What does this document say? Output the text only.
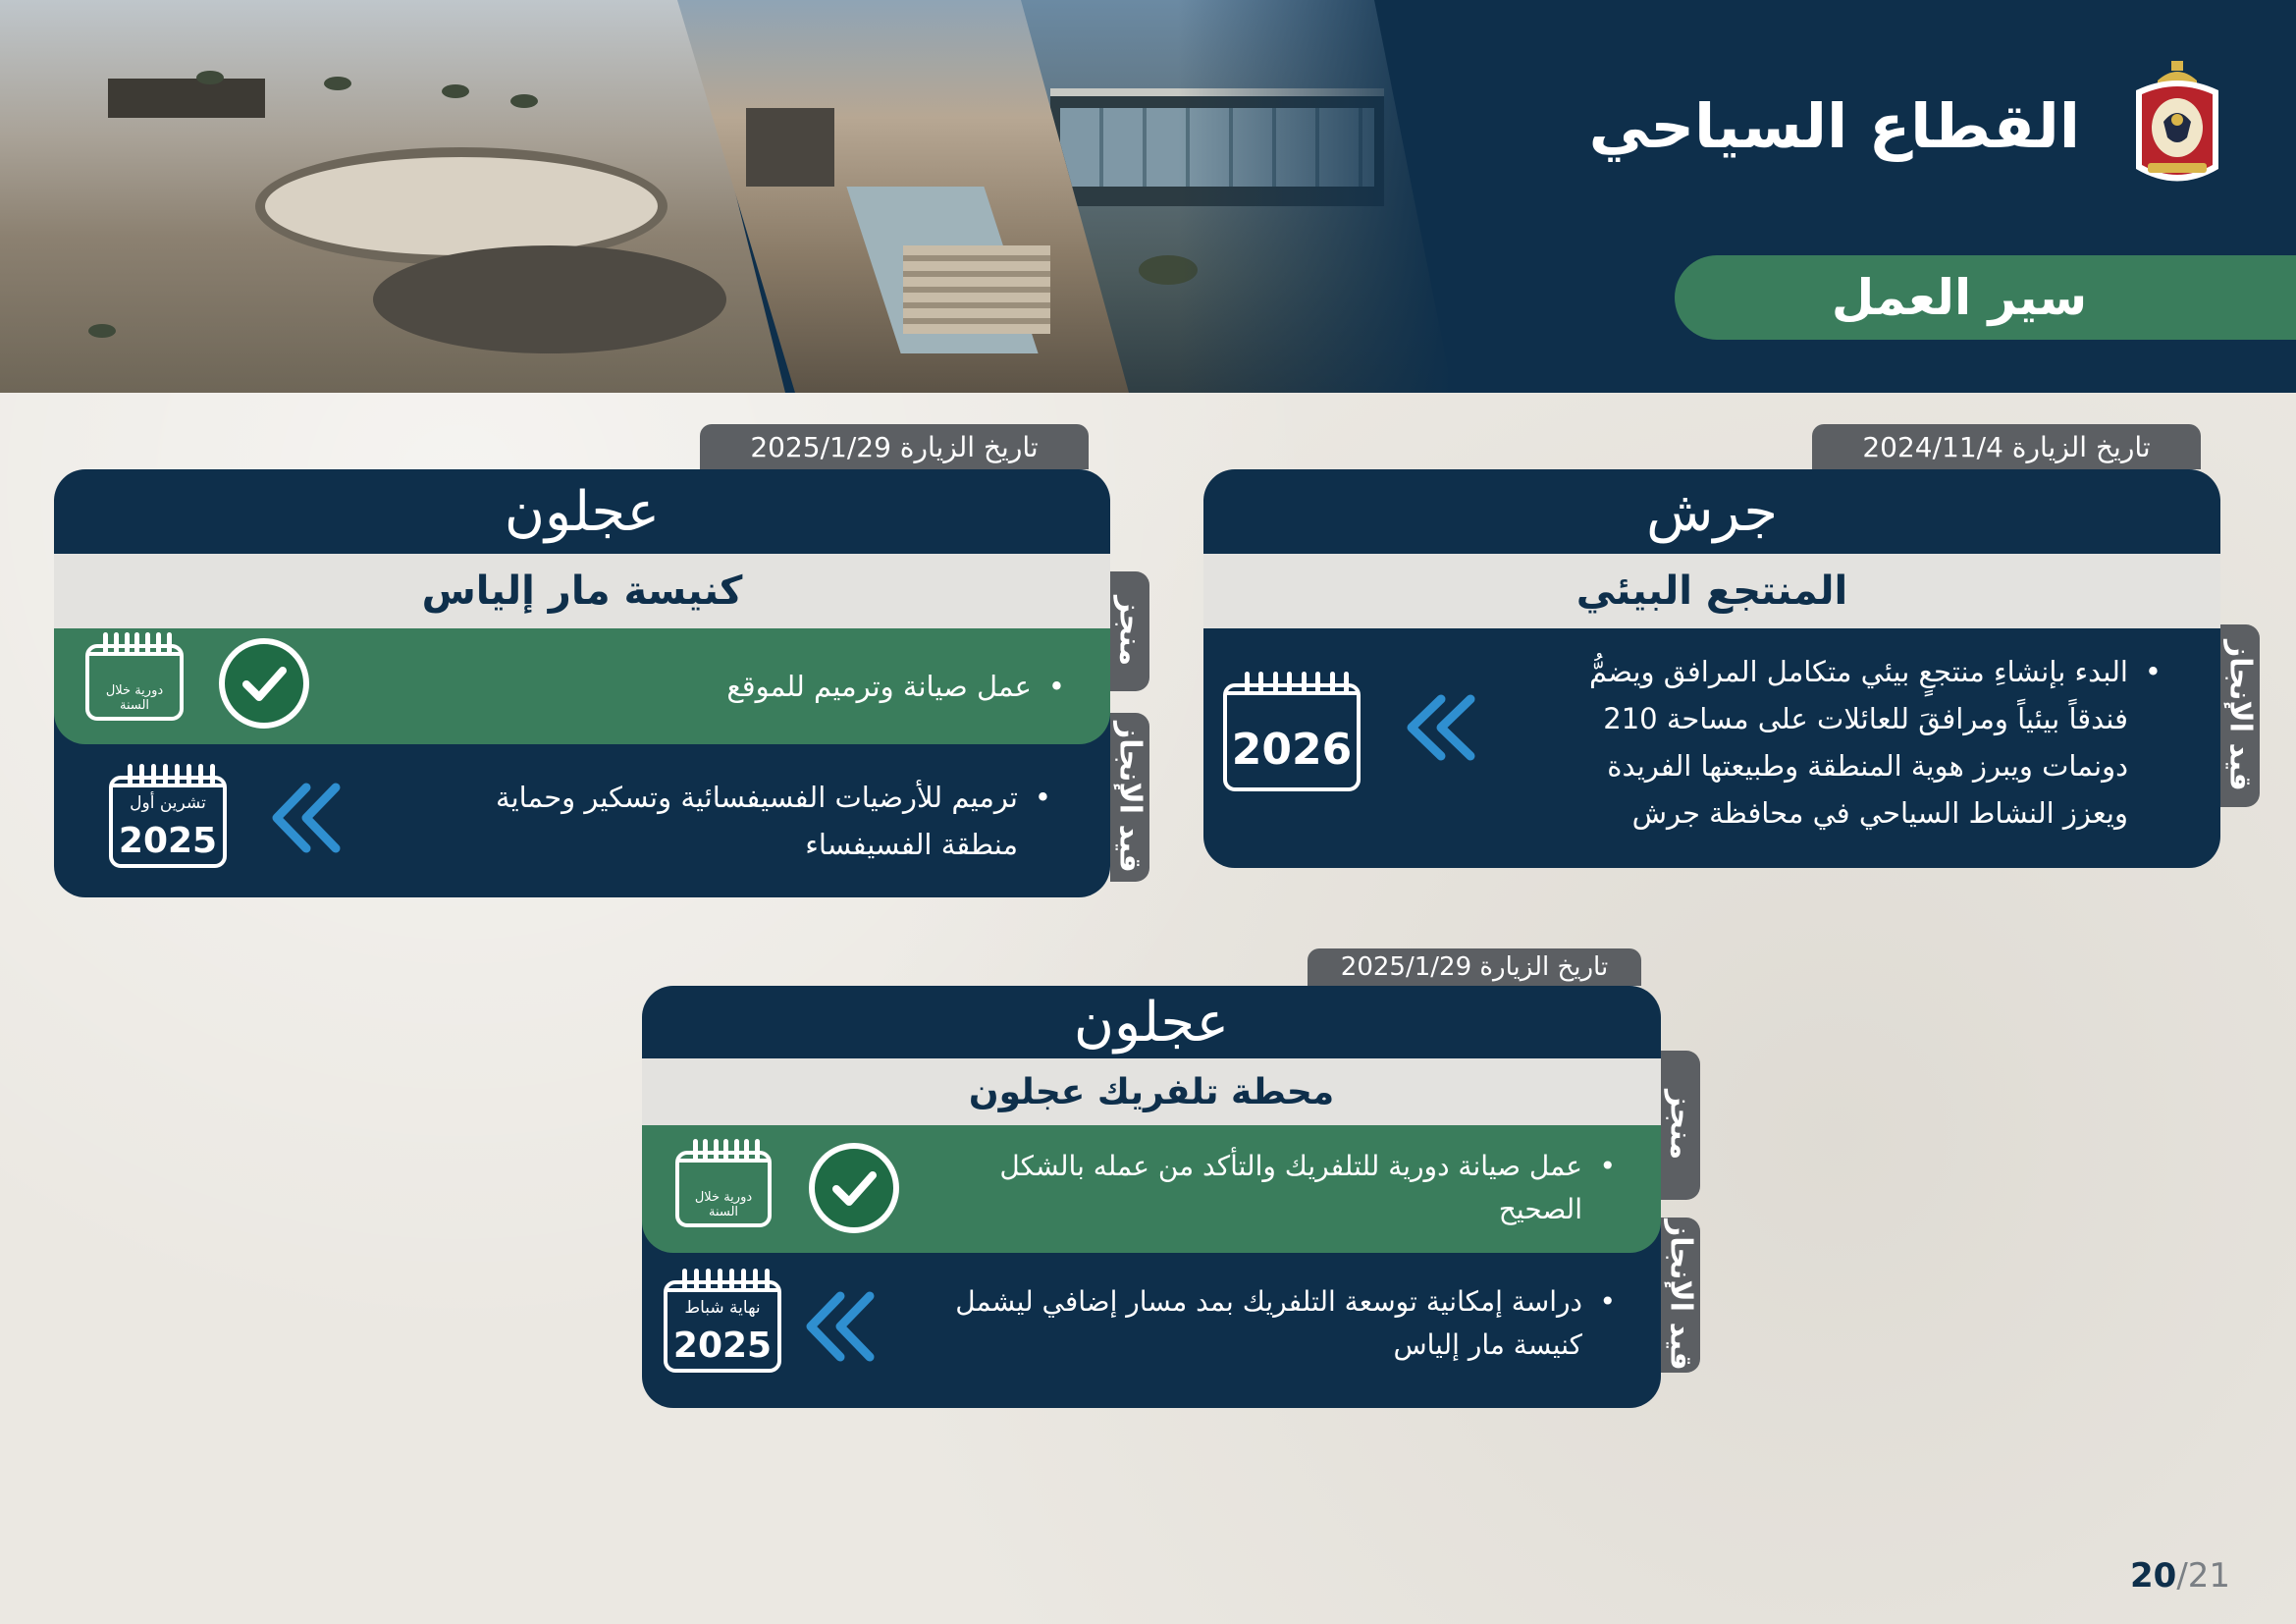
القطاع السياحي
سير العمل
تاريخ الزيارة 2024/11/4
قيد الإنجاز
جرش
المنتجع البيئي
• البدء بإنشاءِ منتجعٍ بيئي متكامل المرافق ويضمُّ
فندقاً بيئياً ومرافقَ للعائلات على مساحة 210
دونمات ويبرز هوية المنطقة وطبيعتها الفريدة
ويعزز النشاط السياحي في محافظة جرش
2026
تاريخ الزيارة 2025/1/29
منجز
قيد الإنجاز
عجلون
كنيسة مار إلياس
• عمل صيانة وترميم للموقع
دورية خلال السنة
• ترميم للأرضيات الفسيفسائية وتسكير وحماية
منطقة الفسيفساء
تشرين أول
2025
تاريخ الزيارة 2025/1/29
منجز
قيد الإنجاز
عجلون
محطة تلفريك عجلون
• عمل صيانة دورية للتلفريك والتأكد من عمله بالشكل
الصحيح
دورية خلال السنة
• دراسة إمكانية توسعة التلفريك بمد مسار إضافي ليشمل
كنيسة مار إلياس
نهاية شباط
2025
20/21
